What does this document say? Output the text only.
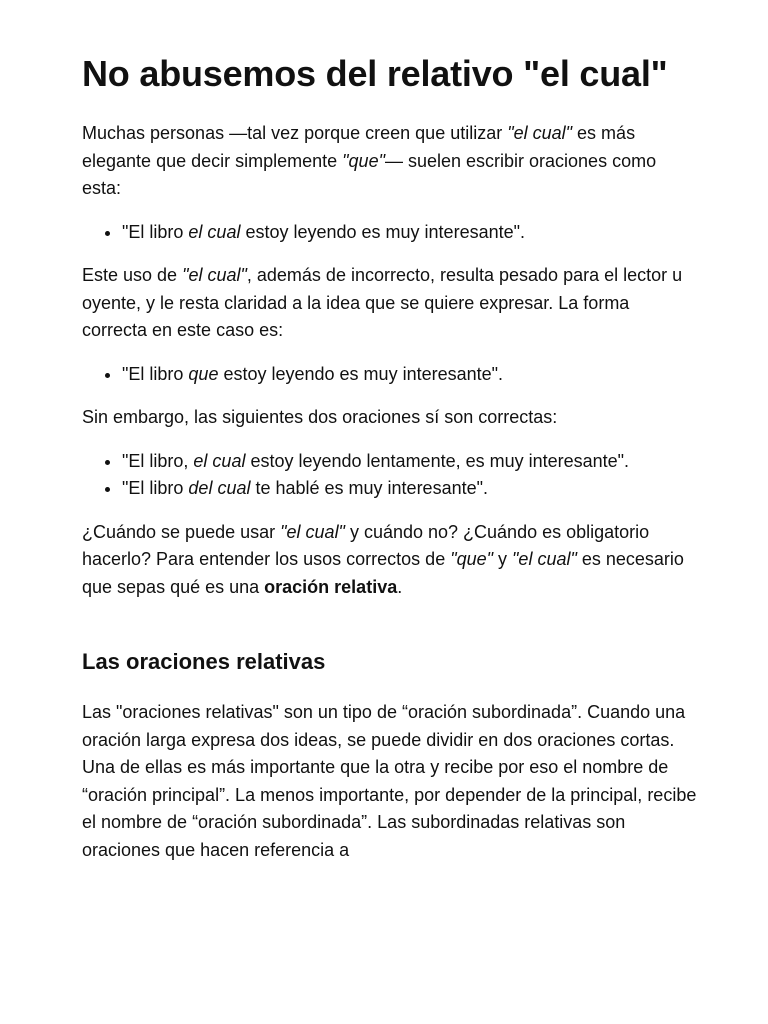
No abusemos del relativo "el cual"

Muchas personas —tal vez porque creen que utilizar "el cual" es más elegante que decir simplemente "que"— suelen escribir oraciones como esta:

• "El libro el cual estoy leyendo es muy interesante".

Este uso de "el cual", además de incorrecto, resulta pesado para el lector u oyente, y le resta claridad a la idea que se quiere expresar. La forma correcta en este caso es:

• "El libro que estoy leyendo es muy interesante".

Sin embargo, las siguientes dos oraciones sí son correctas:

• "El libro, el cual estoy leyendo lentamente, es muy interesante".
• "El libro del cual te hablé es muy interesante".

¿Cuándo se puede usar "el cual" y cuándo no? ¿Cuándo es obligatorio hacerlo? Para entender los usos correctos de "que" y "el cual" es necesario que sepas qué es una oración relativa.

Las oraciones relativas

Las "oraciones relativas" son un tipo de “oración subordinada”. Cuando una oración larga expresa dos ideas, se puede dividir en dos oraciones cortas. Una de ellas es más importante que la otra y recibe por eso el nombre de “oración principal”. La menos importante, por depender de la principal, recibe el nombre de “oración subordinada”. Las subordinadas relativas son oraciones que hacen referencia a
